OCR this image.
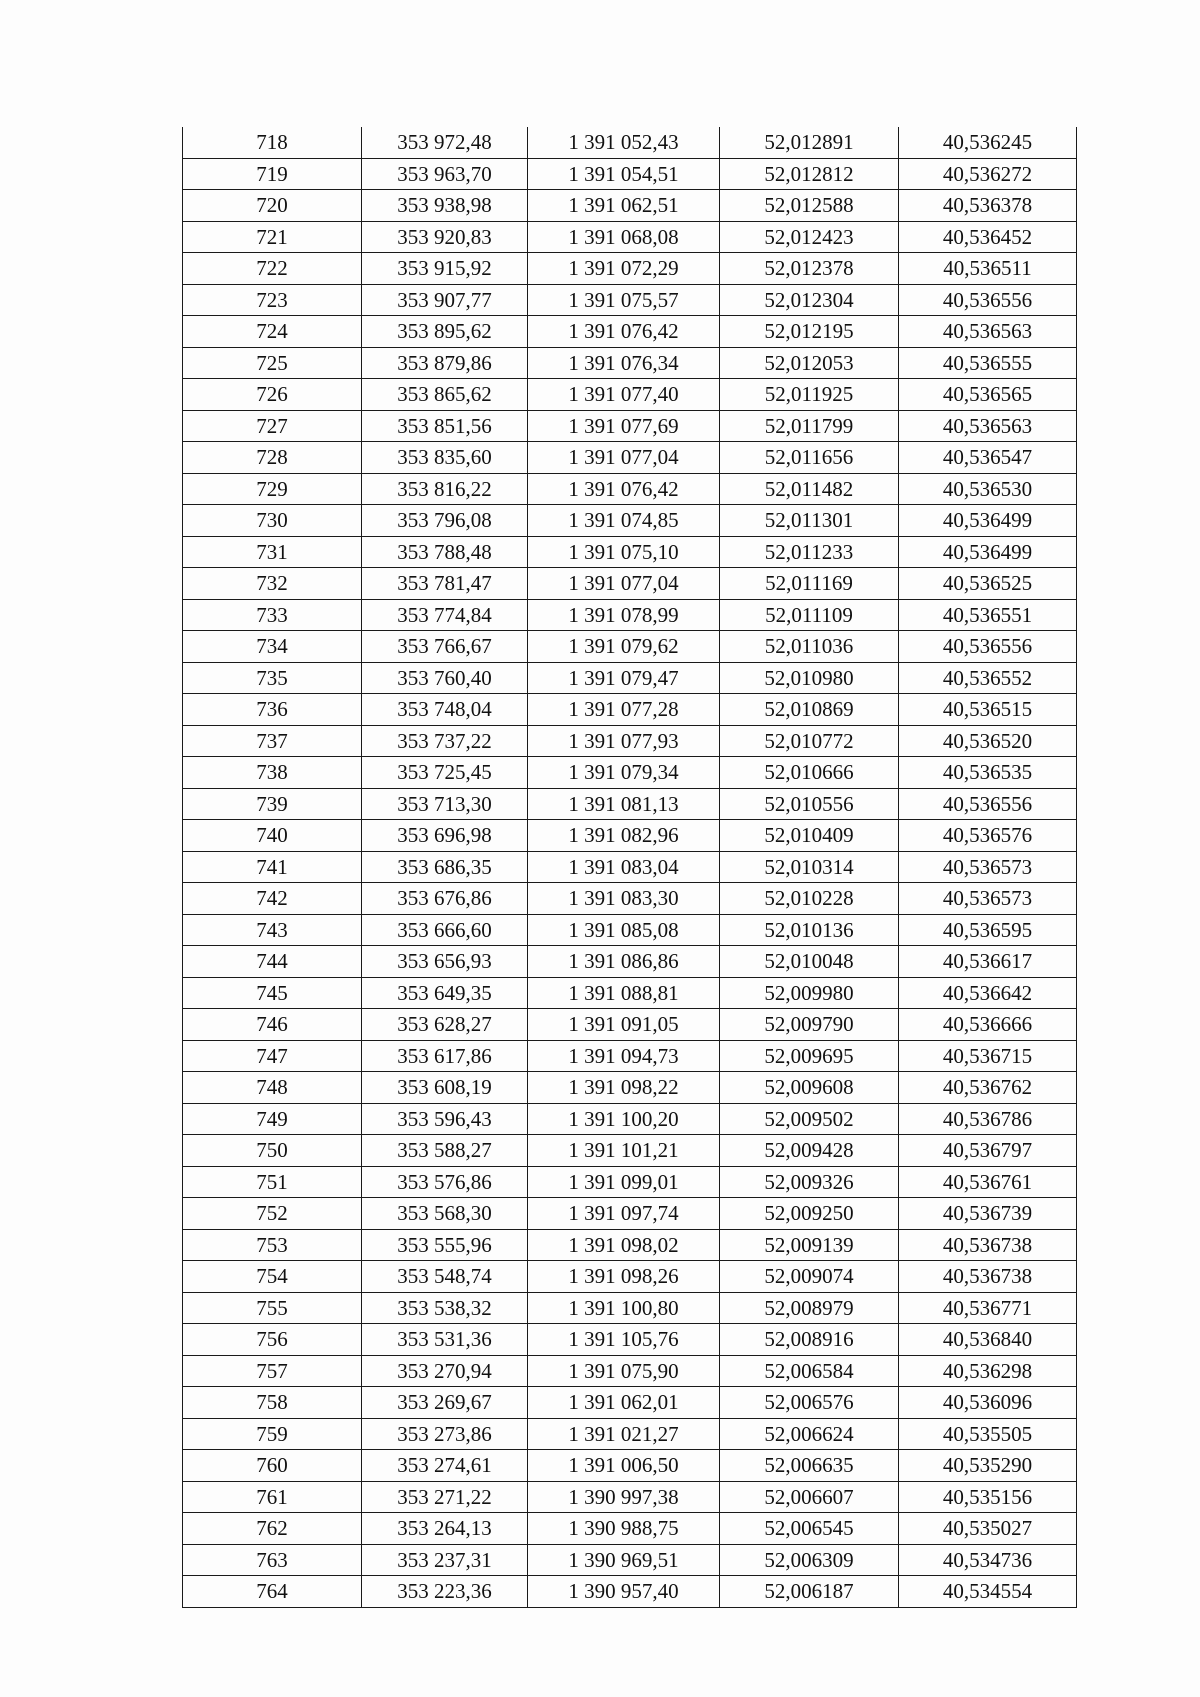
718	353 972,48	1 391 052,43	52,012891	40,536245
719	353 963,70	1 391 054,51	52,012812	40,536272
720	353 938,98	1 391 062,51	52,012588	40,536378
721	353 920,83	1 391 068,08	52,012423	40,536452
722	353 915,92	1 391 072,29	52,012378	40,536511
723	353 907,77	1 391 075,57	52,012304	40,536556
724	353 895,62	1 391 076,42	52,012195	40,536563
725	353 879,86	1 391 076,34	52,012053	40,536555
726	353 865,62	1 391 077,40	52,011925	40,536565
727	353 851,56	1 391 077,69	52,011799	40,536563
728	353 835,60	1 391 077,04	52,011656	40,536547
729	353 816,22	1 391 076,42	52,011482	40,536530
730	353 796,08	1 391 074,85	52,011301	40,536499
731	353 788,48	1 391 075,10	52,011233	40,536499
732	353 781,47	1 391 077,04	52,011169	40,536525
733	353 774,84	1 391 078,99	52,011109	40,536551
734	353 766,67	1 391 079,62	52,011036	40,536556
735	353 760,40	1 391 079,47	52,010980	40,536552
736	353 748,04	1 391 077,28	52,010869	40,536515
737	353 737,22	1 391 077,93	52,010772	40,536520
738	353 725,45	1 391 079,34	52,010666	40,536535
739	353 713,30	1 391 081,13	52,010556	40,536556
740	353 696,98	1 391 082,96	52,010409	40,536576
741	353 686,35	1 391 083,04	52,010314	40,536573
742	353 676,86	1 391 083,30	52,010228	40,536573
743	353 666,60	1 391 085,08	52,010136	40,536595
744	353 656,93	1 391 086,86	52,010048	40,536617
745	353 649,35	1 391 088,81	52,009980	40,536642
746	353 628,27	1 391 091,05	52,009790	40,536666
747	353 617,86	1 391 094,73	52,009695	40,536715
748	353 608,19	1 391 098,22	52,009608	40,536762
749	353 596,43	1 391 100,20	52,009502	40,536786
750	353 588,27	1 391 101,21	52,009428	40,536797
751	353 576,86	1 391 099,01	52,009326	40,536761
752	353 568,30	1 391 097,74	52,009250	40,536739
753	353 555,96	1 391 098,02	52,009139	40,536738
754	353 548,74	1 391 098,26	52,009074	40,536738
755	353 538,32	1 391 100,80	52,008979	40,536771
756	353 531,36	1 391 105,76	52,008916	40,536840
757	353 270,94	1 391 075,90	52,006584	40,536298
758	353 269,67	1 391 062,01	52,006576	40,536096
759	353 273,86	1 391 021,27	52,006624	40,535505
760	353 274,61	1 391 006,50	52,006635	40,535290
761	353 271,22	1 390 997,38	52,006607	40,535156
762	353 264,13	1 390 988,75	52,006545	40,535027
763	353 237,31	1 390 969,51	52,006309	40,534736
764	353 223,36	1 390 957,40	52,006187	40,534554
